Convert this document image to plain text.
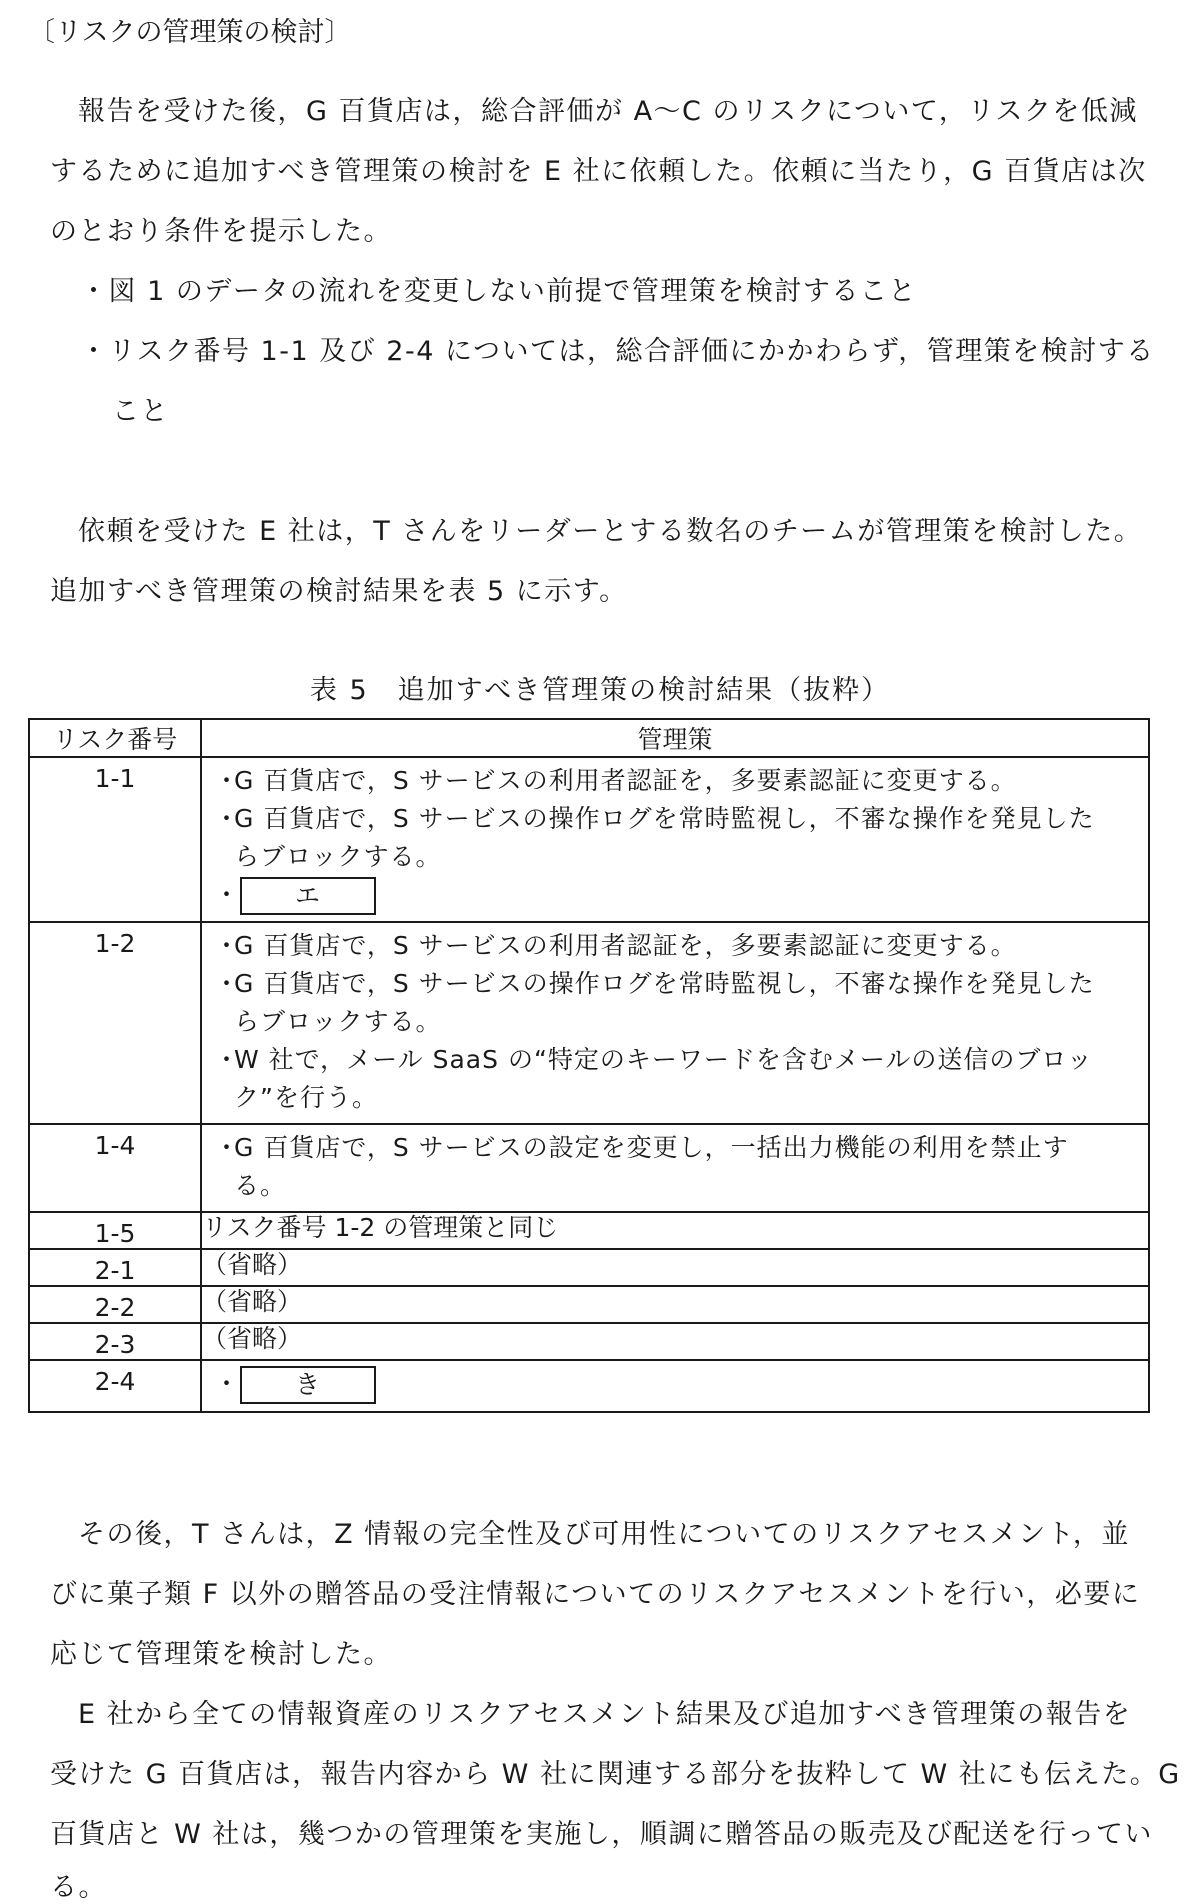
〔リスクの管理策の検討〕

報告を受けた後，G 百貨店は，総合評価が A〜C のリスクについて，リスクを低減

するために追加すべき管理策の検討を E 社に依頼した。依頼に当たり，G 百貨店は次

のとおり条件を提示した。

・図 1 のデータの流れを変更しない前提で管理策を検討すること

・リスク番号 1-1 及び 2-4 については，総合評価にかかわらず，管理策を検討する

こと

依頼を受けた E 社は，T さんをリーダーとする数名のチームが管理策を検討した。

追加すべき管理策の検討結果を表 5 に示す。

表 5　追加すべき管理策の検討結果（抜粋）
リスク番号	管理策
1-1	・G 百貨店で，S サービスの利用者認証を，多要素認証に変更する。
・G 百貨店で，S サービスの操作ログを常時監視し，不審な操作を発見した
らブロックする。
・ エ

1-2	・G 百貨店で，S サービスの利用者認証を，多要素認証に変更する。
・G 百貨店で，S サービスの操作ログを常時監視し，不審な操作を発見した
らブロックする。
・W 社で，メール SaaS の“特定のキーワードを含むメールの送信のブロッ
ク”を行う。

1-4	・G 百貨店で，S サービスの設定を変更し，一括出力機能の利用を禁止す
る。

1-5	リスク番号 1-2 の管理策と同じ
2-1	（省略）
2-2	（省略）
2-3	（省略）
2-4	・ き

その後，T さんは，Z 情報の完全性及び可用性についてのリスクアセスメント，並

びに菓子類 F 以外の贈答品の受注情報についてのリスクアセスメントを行い，必要に

応じて管理策を検討した。

E 社から全ての情報資産のリスクアセスメント結果及び追加すべき管理策の報告を

受けた G 百貨店は，報告内容から W 社に関連する部分を抜粋して W 社にも伝えた。G

百貨店と W 社は，幾つかの管理策を実施し，順調に贈答品の販売及び配送を行ってい

る。
